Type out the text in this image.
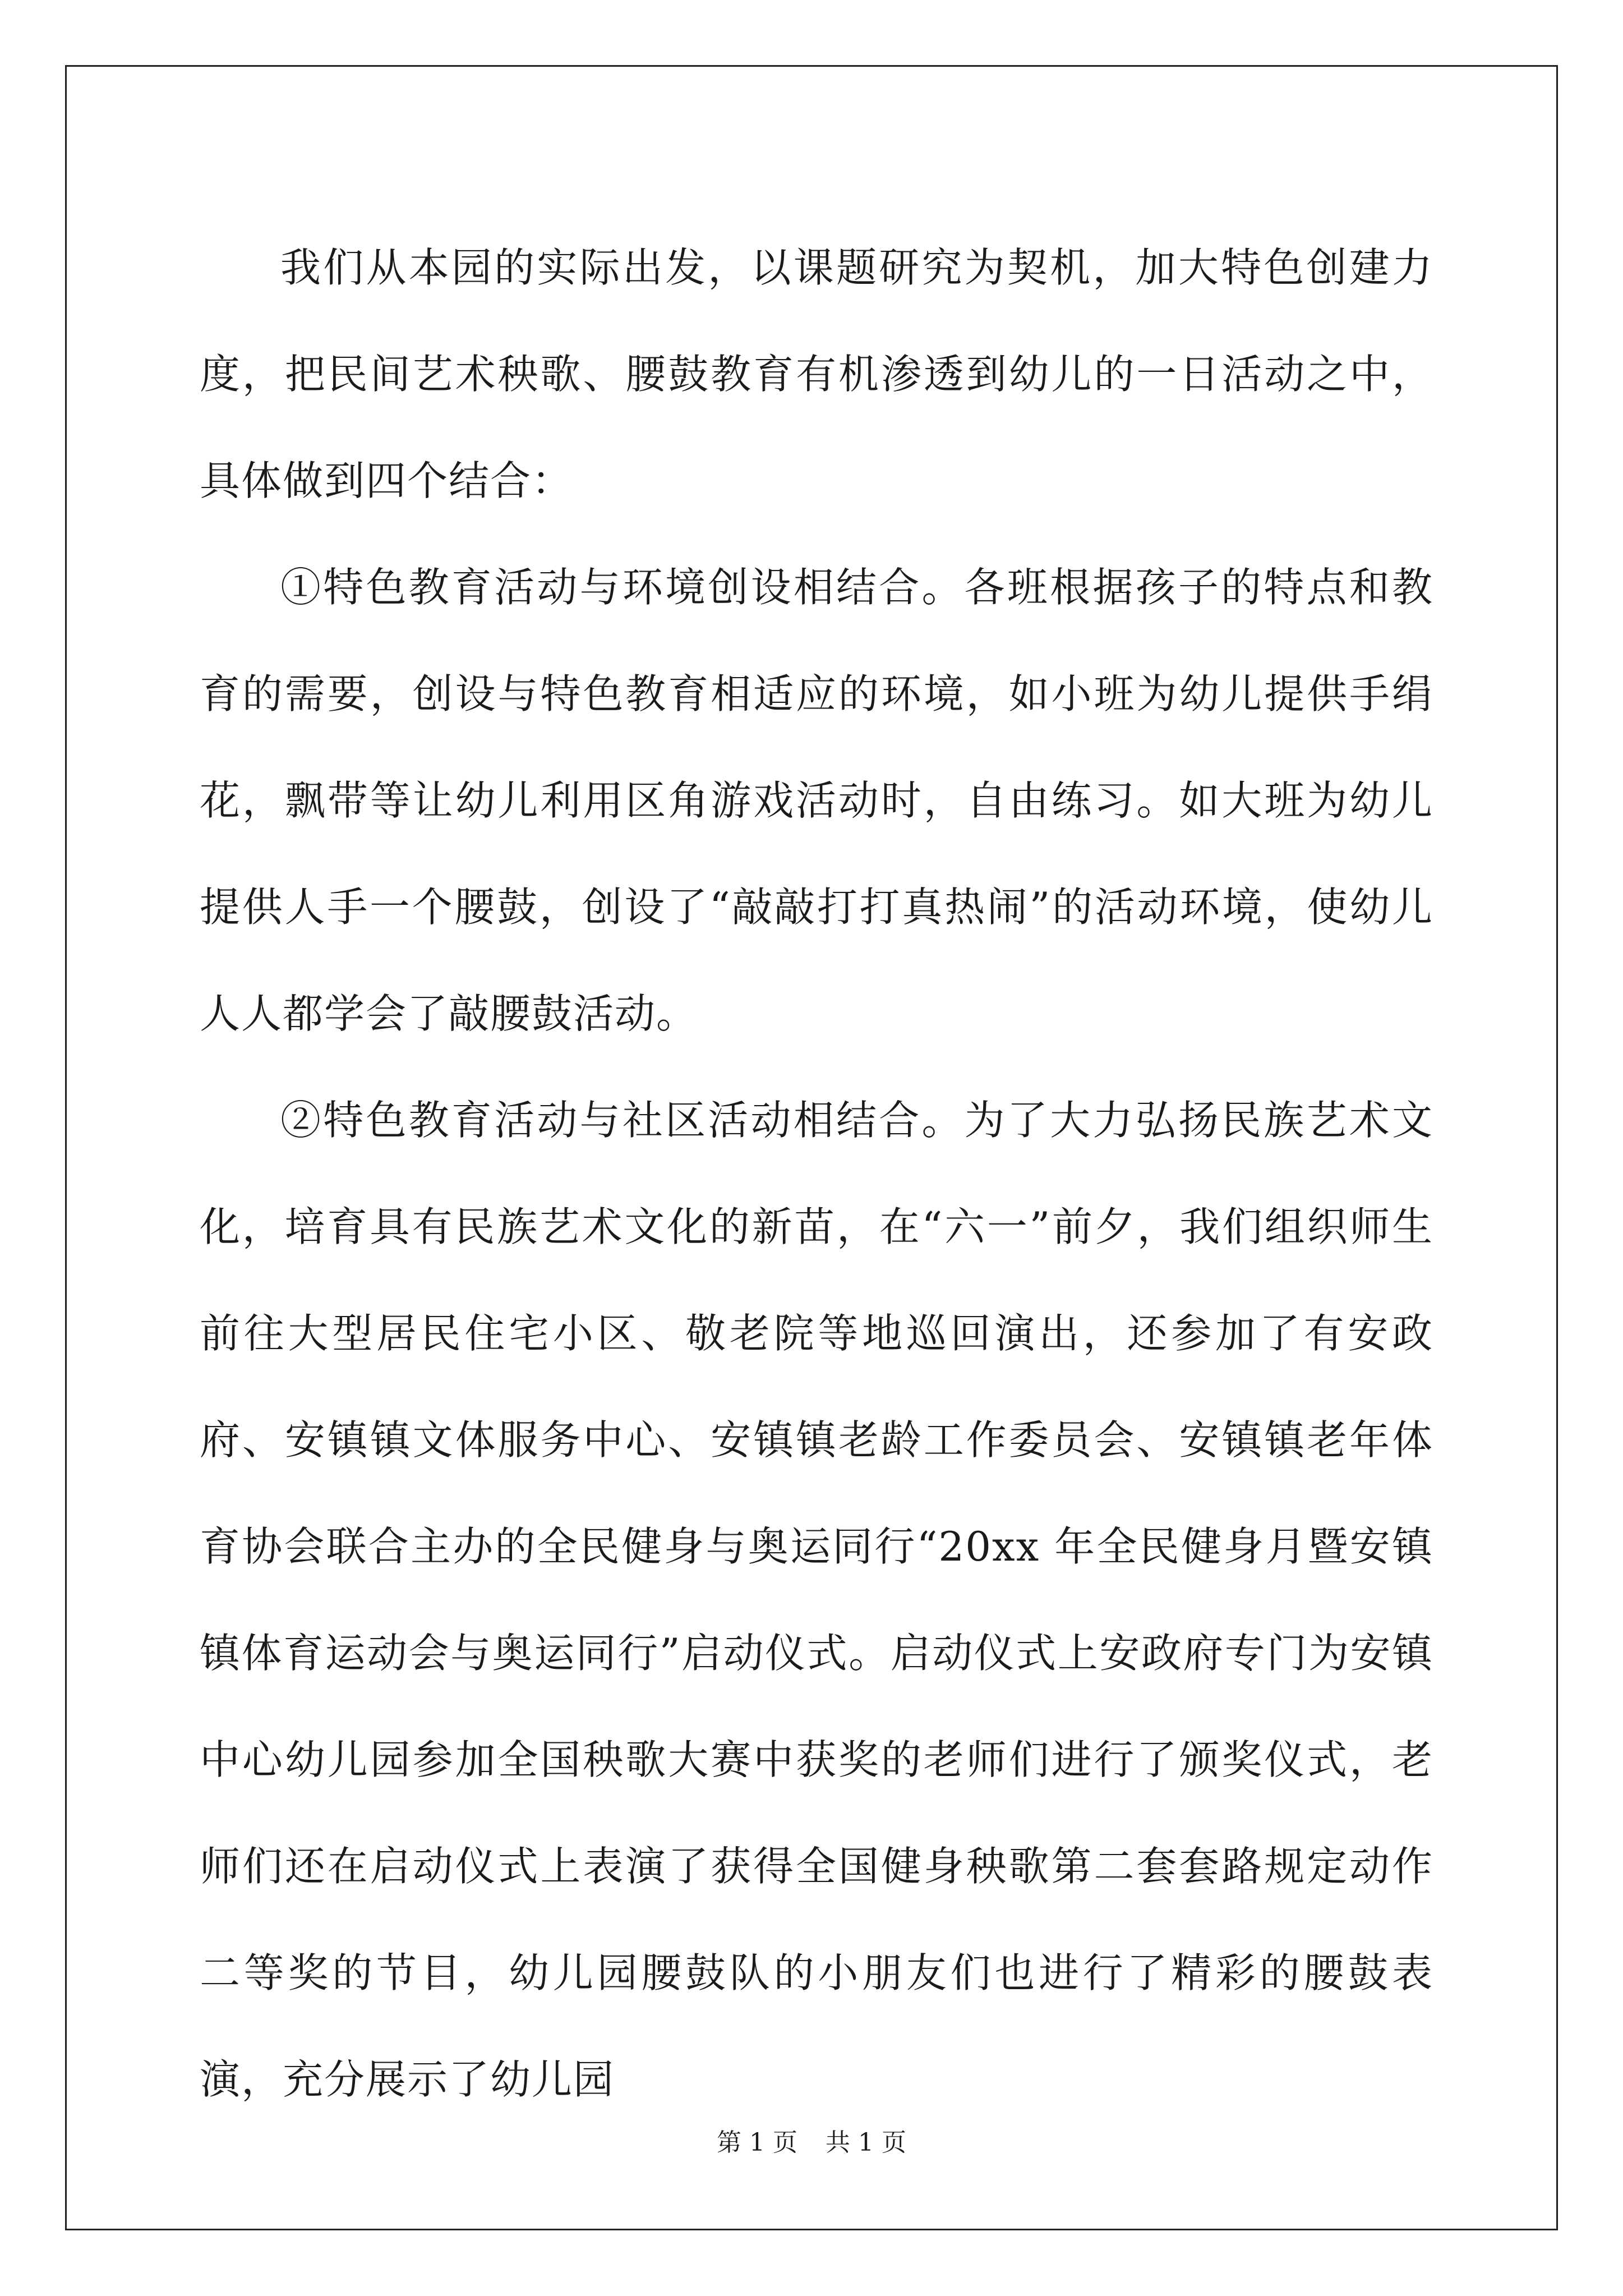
我们从本园的实际出发，以课题研究为契机，加大特色创建力度，把民间艺术秧歌、腰鼓教育有机渗透到幼儿的一日活动之中，具体做到四个结合：

①特色教育活动与环境创设相结合。各班根据孩子的特点和教育的需要，创设与特色教育相适应的环境，如小班为幼儿提供手绢花，飘带等让幼儿利用区角游戏活动时，自由练习。如大班为幼儿提供人手一个腰鼓，创设了“敲敲打打真热闹”的活动环境，使幼儿人人都学会了敲腰鼓活动。

②特色教育活动与社区活动相结合。为了大力弘扬民族艺术文化，培育具有民族艺术文化的新苗，在“六一”前夕，我们组织师生前往大型居民住宅小区、敬老院等地巡回演出，还参加了有安政府、安镇镇文体服务中心、安镇镇老龄工作委员会、安镇镇老年体育协会联合主办的全民健身与奥运同行“20xx 年全民健身月暨安镇镇体育运动会与奥运同行”启动仪式。启动仪式上安政府专门为安镇中心幼儿园参加全国秧歌大赛中获奖的老师们进行了颁奖仪式，老师们还在启动仪式上表演了获得全国健身秧歌第二套套路规定动作二等奖的节目，幼儿园腰鼓队的小朋友们也进行了精彩的腰鼓表演，充分展示了幼儿园

第 1 页 共 1 页
